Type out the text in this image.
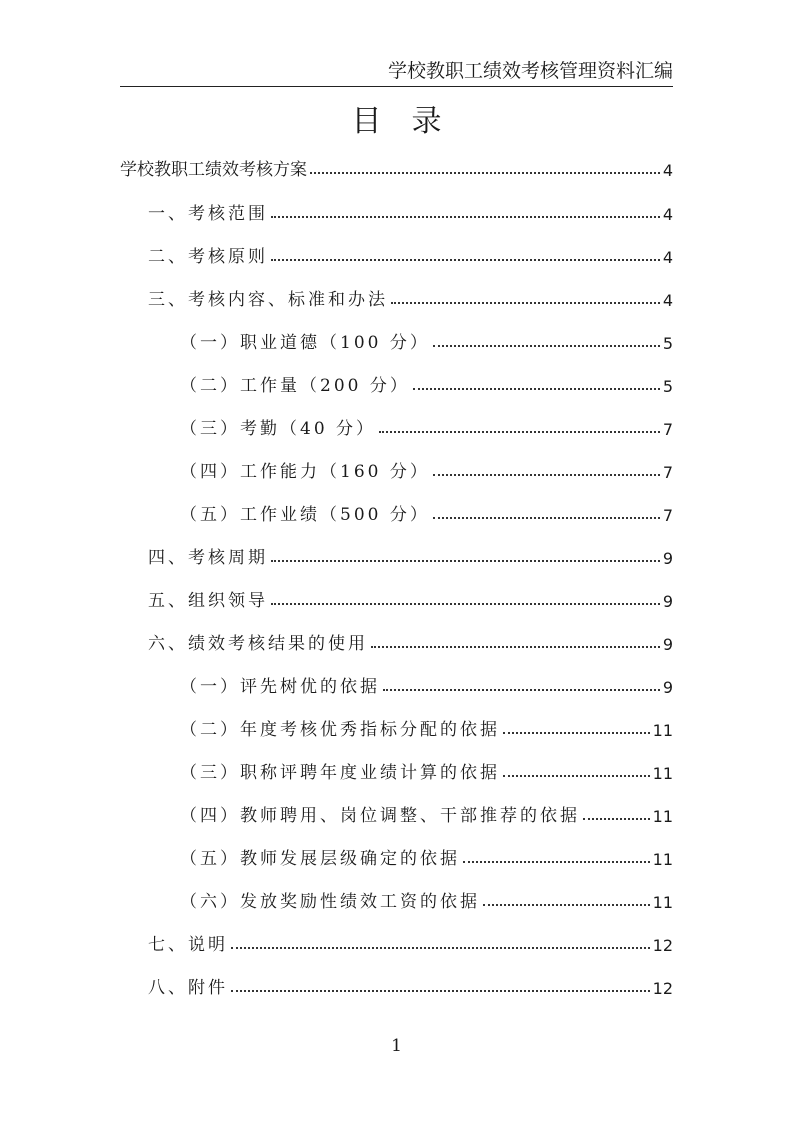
学校教职工绩效考核管理资料汇编
目录
学校教职工绩效考核方案	4
一、考核范围	4
二、考核原则	4
三、考核内容、标准和办法	4
（一）职业道德（100 分）	5
（二）工作量（200 分）	5
（三）考勤（40 分）	7
（四）工作能力（160 分）	7
（五）工作业绩（500 分）	7
四、考核周期	9
五、组织领导	9
六、绩效考核结果的使用	9
（一）评先树优的依据	9
（二）年度考核优秀指标分配的依据	11
（三）职称评聘年度业绩计算的依据	11
（四）教师聘用、岗位调整、干部推荐的依据	11
（五）教师发展层级确定的依据	11
（六）发放奖励性绩效工资的依据	11
七、说明	12
八、附件	12
1
